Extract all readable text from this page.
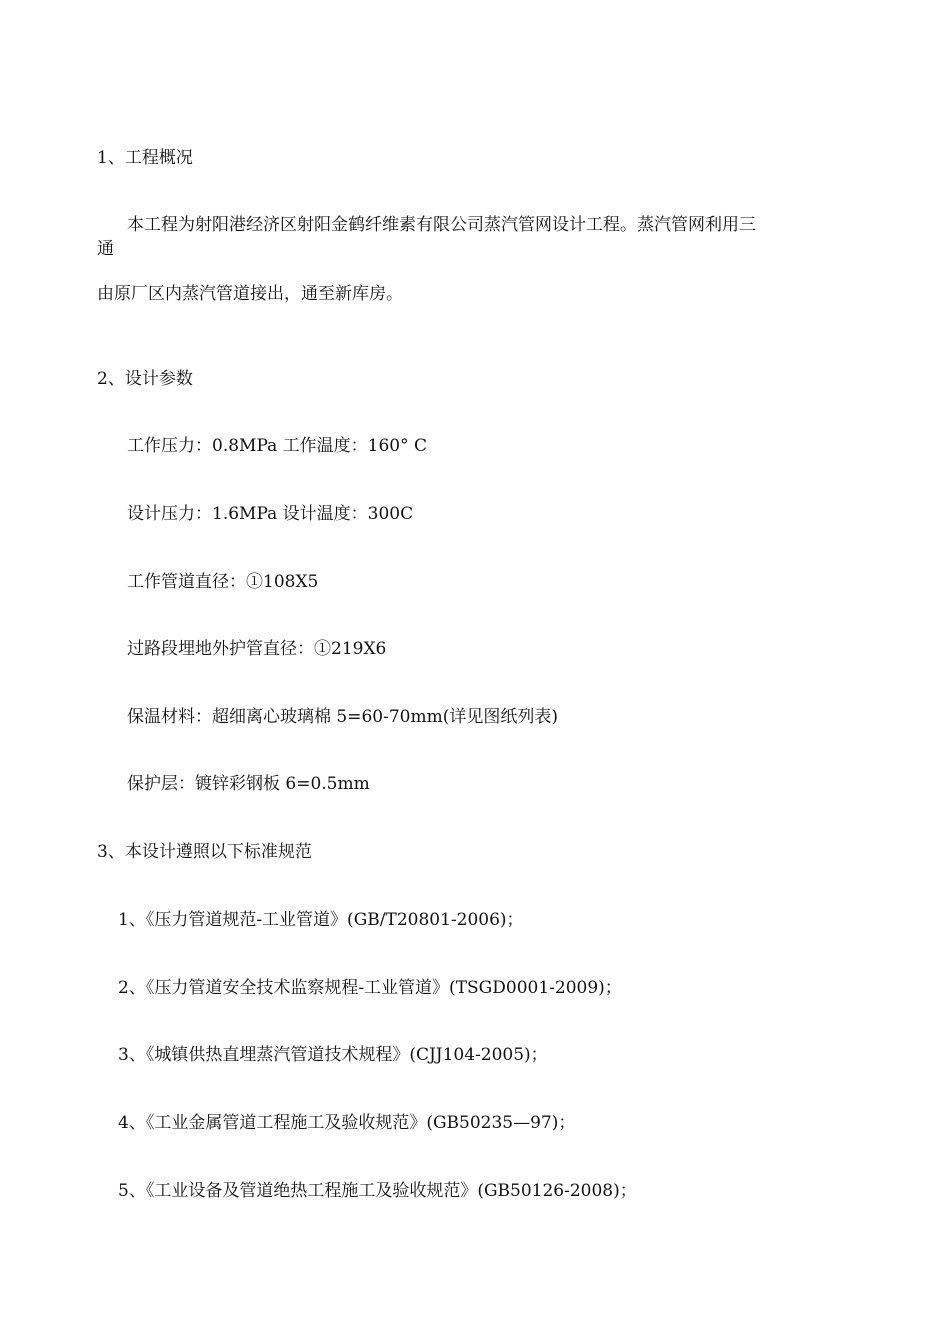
1、工程概况

本工程为射阳港经济区射阳金鹤纤维素有限公司蒸汽管网设计工程。蒸汽管网利用三

通

由原厂区内蒸汽管道接出，通至新库房。

2、设计参数

工作压力：0.8MPa 工作温度：160° C

设计压力：1.6MPa 设计温度：300C

工作管道直径：①108X5

过路段埋地外护管直径：①219X6

保温材料：超细离心玻璃棉 5=60-70mm(详见图纸列表)

保护层：镀锌彩钢板 6=0.5mm

3、本设计遵照以下标准规范

1、《压力管道规范-工业管道》(GB/T20801-2006)；

2、《压力管道安全技术监察规程-工业管道》(TSGD0001-2009)；

3、《城镇供热直埋蒸汽管道技术规程》(CJJ104-2005)；

4、《工业金属管道工程施工及验收规范》(GB50235—97)；

5、《工业设备及管道绝热工程施工及验收规范》(GB50126-2008)；
